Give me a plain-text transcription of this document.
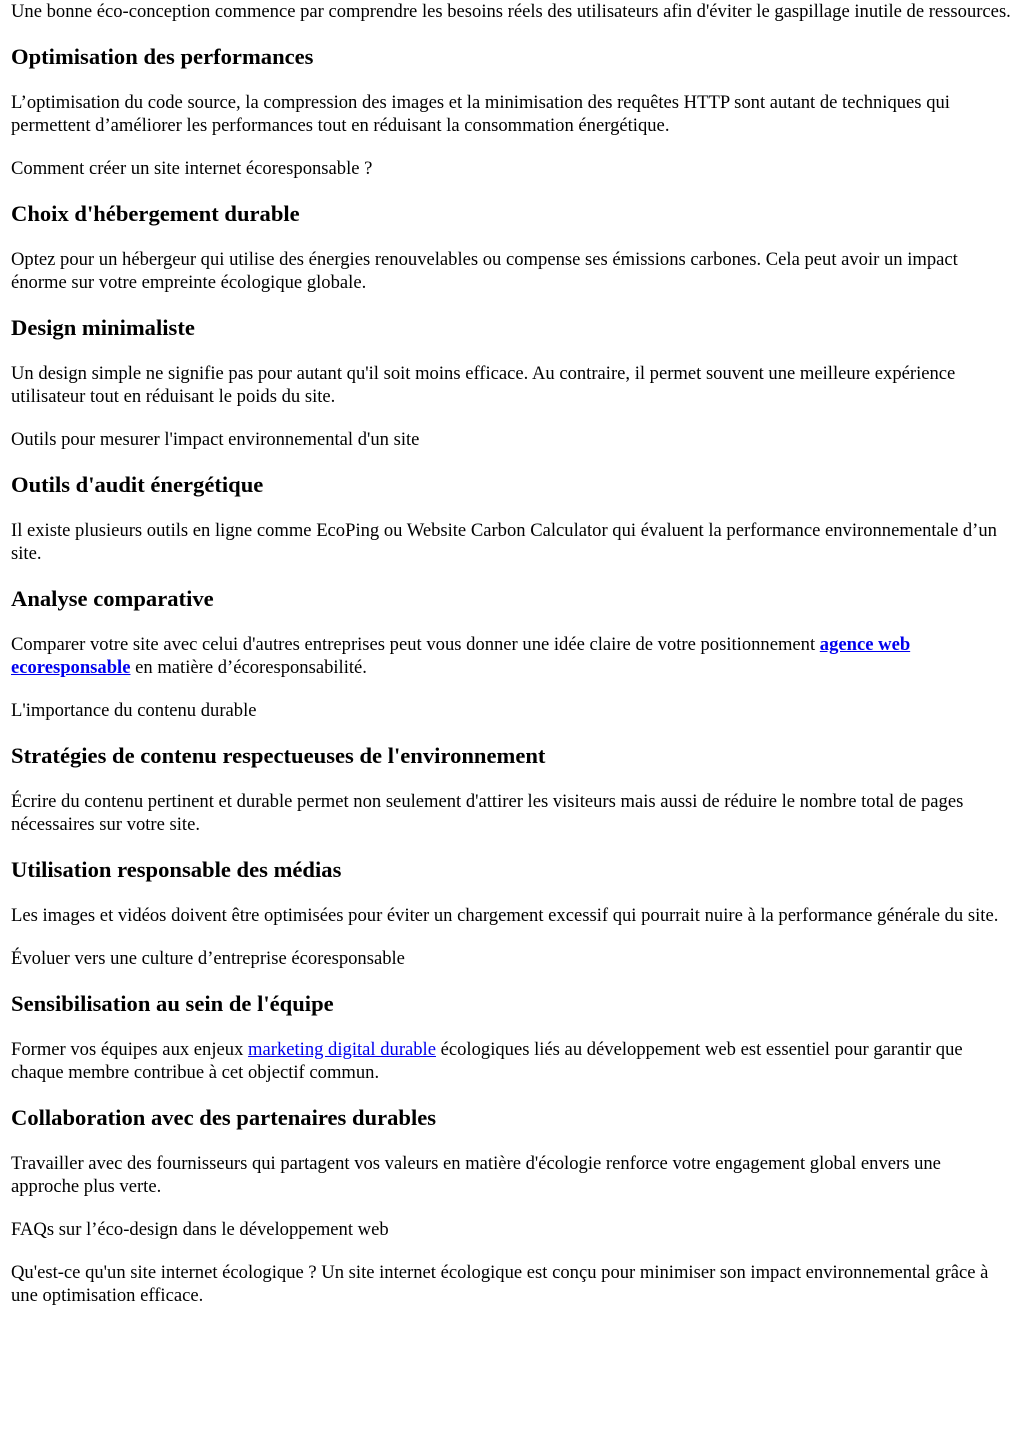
Une bonne éco-conception commence par comprendre les besoins réels des utilisateurs afin d'éviter le gaspillage inutile de ressources.

Optimisation des performances

L’optimisation du code source, la compression des images et la minimisation des requêtes HTTP sont autant de techniques qui permettent d’améliorer les performances tout en réduisant la consommation énergétique.

Comment créer un site internet écoresponsable ?

Choix d'hébergement durable

Optez pour un hébergeur qui utilise des énergies renouvelables ou compense ses émissions carbones. Cela peut avoir un impact énorme sur votre empreinte écologique globale.

Design minimaliste

Un design simple ne signifie pas pour autant qu'il soit moins efficace. Au contraire, il permet souvent une meilleure expérience utilisateur tout en réduisant le poids du site.

Outils pour mesurer l'impact environnemental d'un site

Outils d'audit énergétique

Il existe plusieurs outils en ligne comme EcoPing ou Website Carbon Calculator qui évaluent la performance environnementale d’un site.

Analyse comparative

Comparer votre site avec celui d'autres entreprises peut vous donner une idée claire de votre positionnement agence web ecoresponsable en matière d’écoresponsabilité.

L'importance du contenu durable

Stratégies de contenu respectueuses de l'environnement

Écrire du contenu pertinent et durable permet non seulement d'attirer les visiteurs mais aussi de réduire le nombre total de pages nécessaires sur votre site.

Utilisation responsable des médias

Les images et vidéos doivent être optimisées pour éviter un chargement excessif qui pourrait nuire à la performance générale du site.

Évoluer vers une culture d’entreprise écoresponsable

Sensibilisation au sein de l'équipe

Former vos équipes aux enjeux marketing digital durable écologiques liés au développement web est essentiel pour garantir que chaque membre contribue à cet objectif commun.

Collaboration avec des partenaires durables

Travailler avec des fournisseurs qui partagent vos valeurs en matière d'écologie renforce votre engagement global envers une approche plus verte.

FAQs sur l’éco-design dans le développement web

Qu'est-ce qu'un site internet écologique ? Un site internet écologique est conçu pour minimiser son impact environnemental grâce à une optimisation efficace.
